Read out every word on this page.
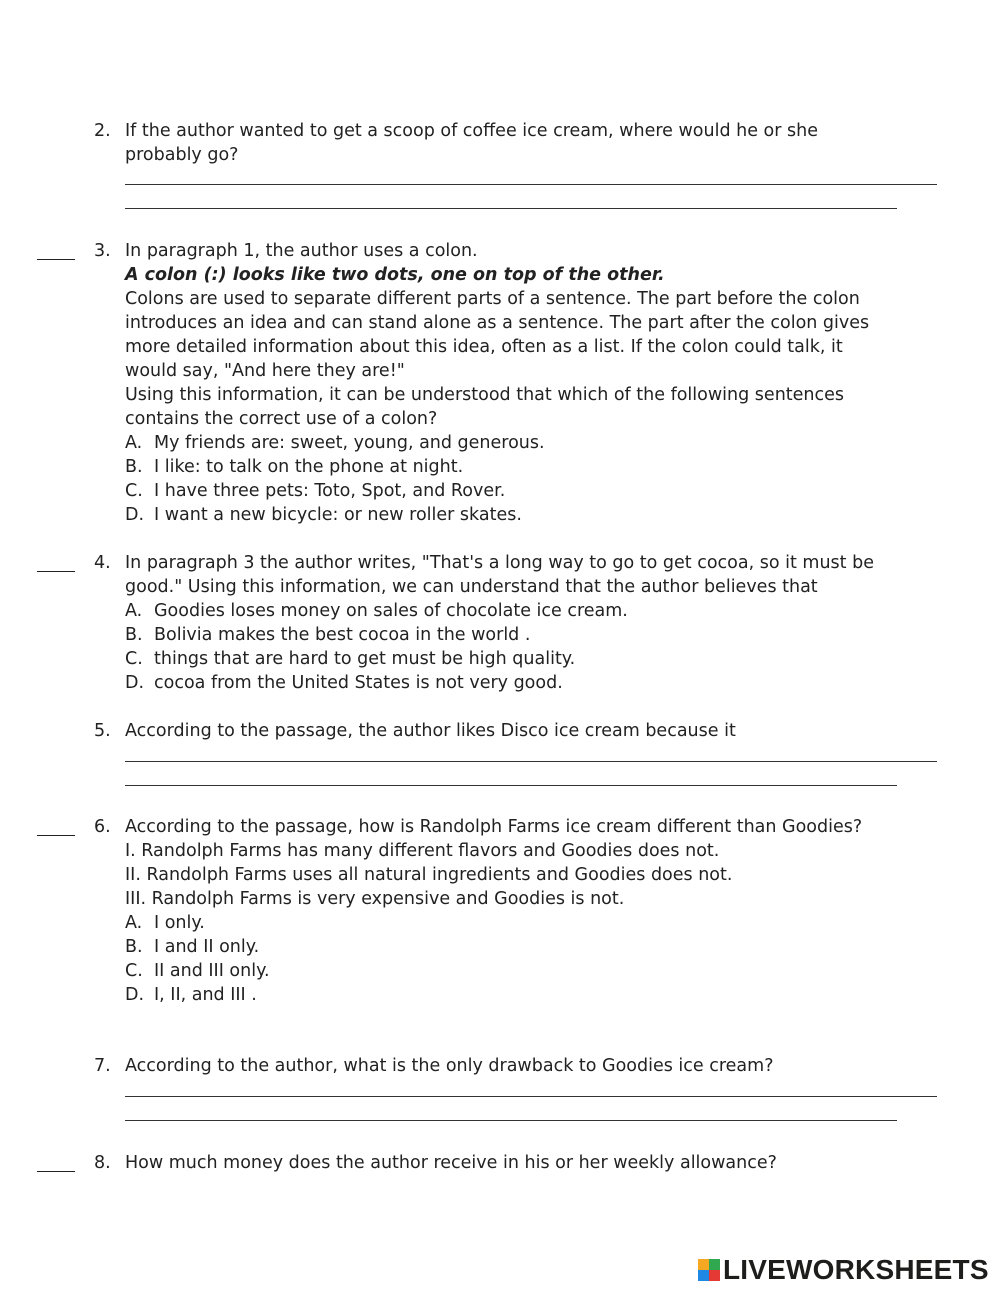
2. If the author wanted to get a scoop of coffee ice cream, where would he or she
probably go?
3. In paragraph 1, the author uses a colon.
A colon (:) looks like two dots, one on top of the other.
Colons are used to separate different parts of a sentence. The part before the colon
introduces an idea and can stand alone as a sentence. The part after the colon gives
more detailed information about this idea, often as a list. If the colon could talk, it
would say, "And here they are!"
Using this information, it can be understood that which of the following sentences
contains the correct use of a colon?
A. My friends are: sweet, young, and generous.
B. I like: to talk on the phone at night.
C. I have three pets: Toto, Spot, and Rover.
D. I want a new bicycle: or new roller skates.
4. In paragraph 3 the author writes, "That's a long way to go to get cocoa, so it must be
good." Using this information, we can understand that the author believes that
A. Goodies loses money on sales of chocolate ice cream.
B. Bolivia makes the best cocoa in the world .
C. things that are hard to get must be high quality.
D. cocoa from the United States is not very good.
5. According to the passage, the author likes Disco ice cream because it
6. According to the passage, how is Randolph Farms ice cream different than Goodies?
I. Randolph Farms has many different flavors and Goodies does not.
II. Randolph Farms uses all natural ingredients and Goodies does not.
III. Randolph Farms is very expensive and Goodies is not.
A. I only.
B. I and II only.
C. II and III only.
D. I, II, and III .
7. According to the author, what is the only drawback to Goodies ice cream?
8. How much money does the author receive in his or her weekly allowance?
LIVEWORKSHEETS
